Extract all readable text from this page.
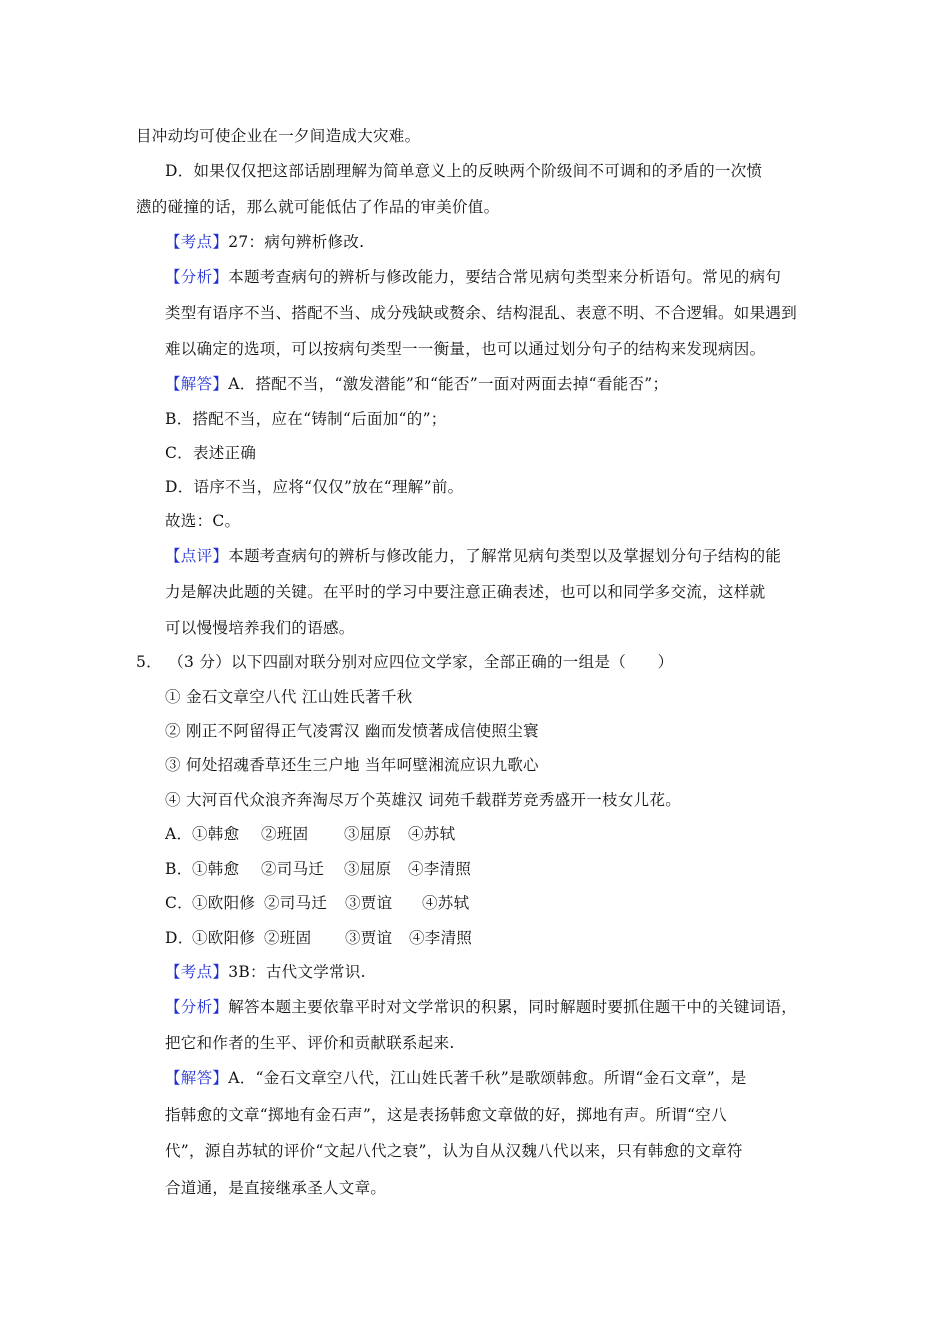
目冲动均可使企业在一夕间造成大灾难。
D．如果仅仅把这部话剧理解为简单意义上的反映两个阶级间不可调和的矛盾的一次愤
懑的碰撞的话，那么就可能低估了作品的审美价值。
【考点】27：病句辨析修改.
【分析】本题考查病句的辨析与修改能力，要结合常见病句类型来分析语句。常见的病句
类型有语序不当、搭配不当、成分残缺或赘余、结构混乱、表意不明、不合逻辑。如果遇到
难以确定的选项，可以按病句类型一一衡量，也可以通过划分句子的结构来发现病因。
【解答】A．搭配不当，“激发潜能”和“能否”一面对两面去掉“看能否”；
B．搭配不当，应在“铸制“后面加“的”；
C．表述正确
D．语序不当，应将“仅仅”放在“理解”前。
故选：C。
【点评】本题考查病句的辨析与修改能力，了解常见病句类型以及掌握划分句子结构的能
力是解决此题的关键。在平时的学习中要注意正确表述，也可以和同学多交流，这样就
可以慢慢培养我们的语感。
5． （3 分）以下四副对联分别对应四位文学家，全部正确的一组是（　　）
① 金石文章空八代 江山姓氏著千秋
② 刚正不阿留得正气凌霄汉 幽而发愤著成信使照尘寰
③ 何处招魂香草还生三户地 当年呵壁湘流应识九歌心
④ 大河百代众浪齐奔淘尽万个英雄汉 词苑千载群芳竞秀盛开一枝女儿花。
A．①韩愈 ②班固 ③屈原 ④苏轼
B．①韩愈 ②司马迁 ③屈原 ④李清照
C．①欧阳修 ②司马迁 ③贾谊 ④苏轼
D．①欧阳修 ②班固 ③贾谊 ④李清照
【考点】3B：古代文学常识.
【分析】解答本题主要依靠平时对文学常识的积累，同时解题时要抓住题干中的关键词语，
把它和作者的生平、评价和贡献联系起来.
【解答】A．“金石文章空八代，江山姓氏著千秋”是歌颂韩愈。所谓“金石文章”，是
指韩愈的文章“掷地有金石声”，这是表扬韩愈文章做的好，掷地有声。所谓“空八
代”，源自苏轼的评价“文起八代之衰”，认为自从汉魏八代以来，只有韩愈的文章符
合道通，是直接继承圣人文章。
